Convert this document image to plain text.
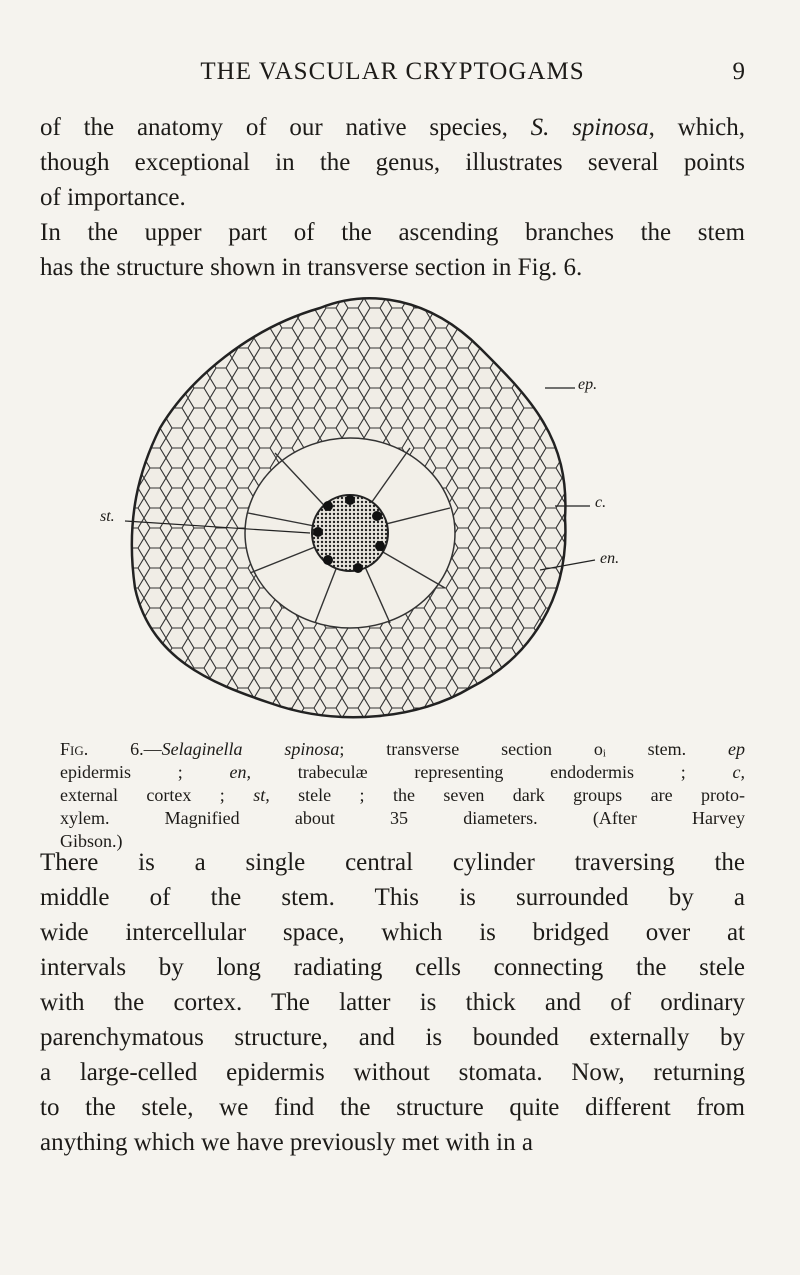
THE VASCULAR CRYPTOGAMS	9
of the anatomy of our native species, S. spinosa, which,
though exceptional in the genus, illustrates several points
of importance.
In the upper part of the ascending branches the stem
has the structure shown in transverse section in Fig. 6.
ep.
c.
en.
st.
Fig. 6.—Selaginella spinosa; transverse section oᵢ stem. ep
epidermis ;	en,	trabeculæ representing endodermis ;	c,
external cortex ; st, stele ; the seven dark groups are proto-
xylem. Magnified about 35 diameters. (After Harvey
Gibson.)
There is a single central cylinder traversing the
middle of the stem. This is surrounded by a
wide intercellular space, which is bridged over at
intervals by long radiating cells connecting the stele
with the cortex. The latter is thick and of ordinary
parenchymatous structure, and is bounded externally by
a large-celled epidermis without stomata. Now, returning
to the stele, we find the structure quite different from
anything which we have previously met with in a
